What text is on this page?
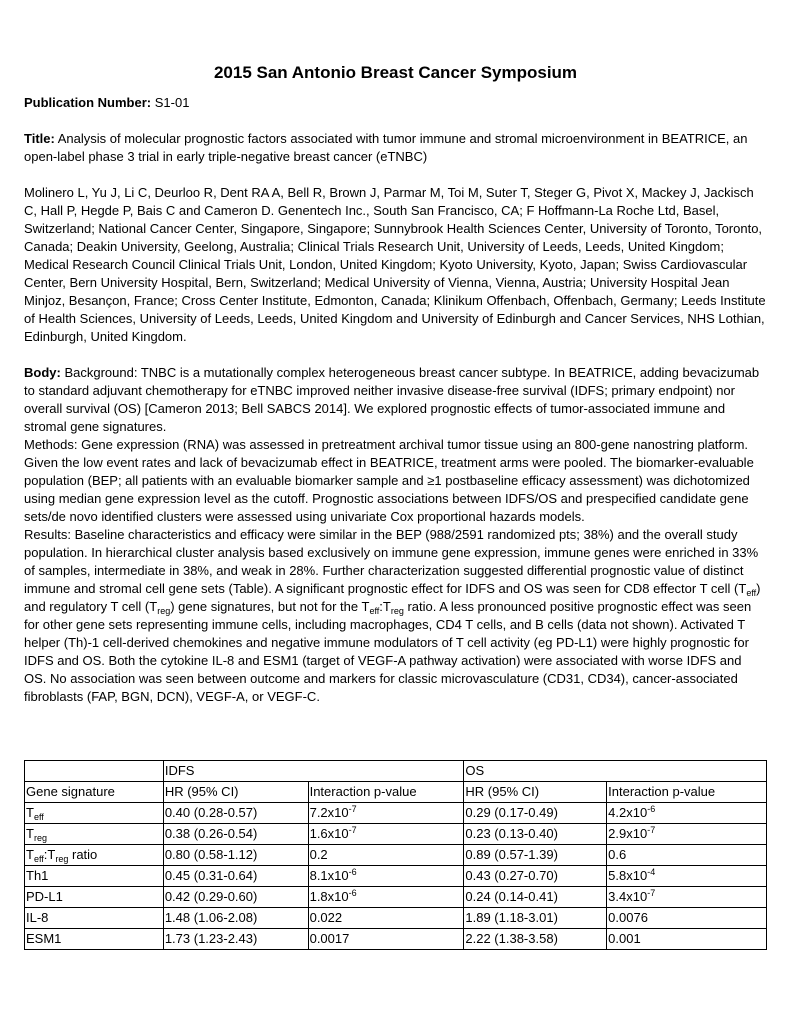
2015 San Antonio Breast Cancer Symposium

Publication Number: S1-01

Title: Analysis of molecular prognostic factors associated with tumor immune and stromal microenvironment in BEATRICE, an open-label phase 3 trial in early triple-negative breast cancer (eTNBC)

Molinero L, Yu J, Li C, Deurloo R, Dent RA A, Bell R, Brown J, Parmar M, Toi M, Suter T, Steger G, Pivot X, Mackey J, Jackisch C, Hall P, Hegde P, Bais C and Cameron D. Genentech Inc., South San Francisco, CA; F Hoffmann-La Roche Ltd, Basel, Switzerland; National Cancer Center, Singapore, Singapore; Sunnybrook Health Sciences Center, University of Toronto, Toronto, Canada; Deakin University, Geelong, Australia; Clinical Trials Research Unit, University of Leeds, Leeds, United Kingdom; Medical Research Council Clinical Trials Unit, London, United Kingdom; Kyoto University, Kyoto, Japan; Swiss Cardiovascular Center, Bern University Hospital, Bern, Switzerland; Medical University of Vienna, Vienna, Austria; University Hospital Jean Minjoz, Besançon, France; Cross Center Institute, Edmonton, Canada; Klinikum Offenbach, Offenbach, Germany; Leeds Institute of Health Sciences, University of Leeds, Leeds, United Kingdom and University of Edinburgh and Cancer Services, NHS Lothian, Edinburgh, United Kingdom.

Body: Background: TNBC is a mutationally complex heterogeneous breast cancer subtype. In BEATRICE, adding bevacizumab to standard adjuvant chemotherapy for eTNBC improved neither invasive disease-free survival (IDFS; primary endpoint) nor overall survival (OS) [Cameron 2013; Bell SABCS 2014]. We explored prognostic effects of tumor-associated immune and stromal gene signatures.

Methods: Gene expression (RNA) was assessed in pretreatment archival tumor tissue using an 800-gene nanostring platform. Given the low event rates and lack of bevacizumab effect in BEATRICE, treatment arms were pooled. The biomarker-evaluable population (BEP; all patients with an evaluable biomarker sample and ≥1 postbaseline efficacy assessment) was dichotomized using median gene expression level as the cutoff. Prognostic associations between IDFS/OS and prespecified candidate gene sets/de novo identified clusters were assessed using univariate Cox proportional hazards models.

Results: Baseline characteristics and efficacy were similar in the BEP (988/2591 randomized pts; 38%) and the overall study population. In hierarchical cluster analysis based exclusively on immune gene expression, immune genes were enriched in 33% of samples, intermediate in 38%, and weak in 28%. Further characterization suggested differential prognostic value of distinct immune and stromal cell gene sets (Table). A significant prognostic effect for IDFS and OS was seen for CD8 effector T cell $(T_{eff})$ and regulatory T cell $(T_{reg})$ gene signatures, but not for the $T_{eff}:T_{reg}$ ratio. A less pronounced positive prognostic effect was seen for other gene sets representing immune cells, including macrophages, CD4 T cells, and B cells (data not shown). Activated T helper (Th)-1 cell-derived chemokines and negative immune modulators of T cell activity (eg PD-L1) were highly prognostic for IDFS and OS. Both the cytokine IL-8 and ESM1 (target of VEGF-A pathway activation) were associated with worse IDFS and OS. No association was seen between outcome and markers for classic microvasculature (CD31, CD34), cancer-associated fibroblasts (FAP, BGN, DCN), VEGF-A, or VEGF-C.

	IDFS		OS	
Gene signature	HR (95% CI)	Interaction p-value	HR (95% CI)	Interaction p-value
$T_{eff}$	0.40 (0.28-0.57)	$7.2x10^{-7}$	0.29 (0.17-0.49)	$4.2x10^{-6}$
$T_{reg}$	0.38 (0.26-0.54)	$1.6x10^{-7}$	0.23 (0.13-0.40)	$2.9x10^{-7}$
$T_{eff}:T_{reg}$ ratio	0.80 (0.58-1.12)	0.2	0.89 (0.57-1.39)	0.6
Th1	0.45 (0.31-0.64)	$8.1x10^{-6}$	0.43 (0.27-0.70)	$5.8x10^{-4}$
PD-L1	0.42 (0.29-0.60)	$1.8x10^{-6}$	0.24 (0.14-0.41)	$3.4x10^{-7}$
IL-8	1.48 (1.06-2.08)	0.022	1.89 (1.18-3.01)	0.0076
ESM1	1.73 (1.23-2.43)	0.0017	2.22 (1.38-3.58)	0.001
